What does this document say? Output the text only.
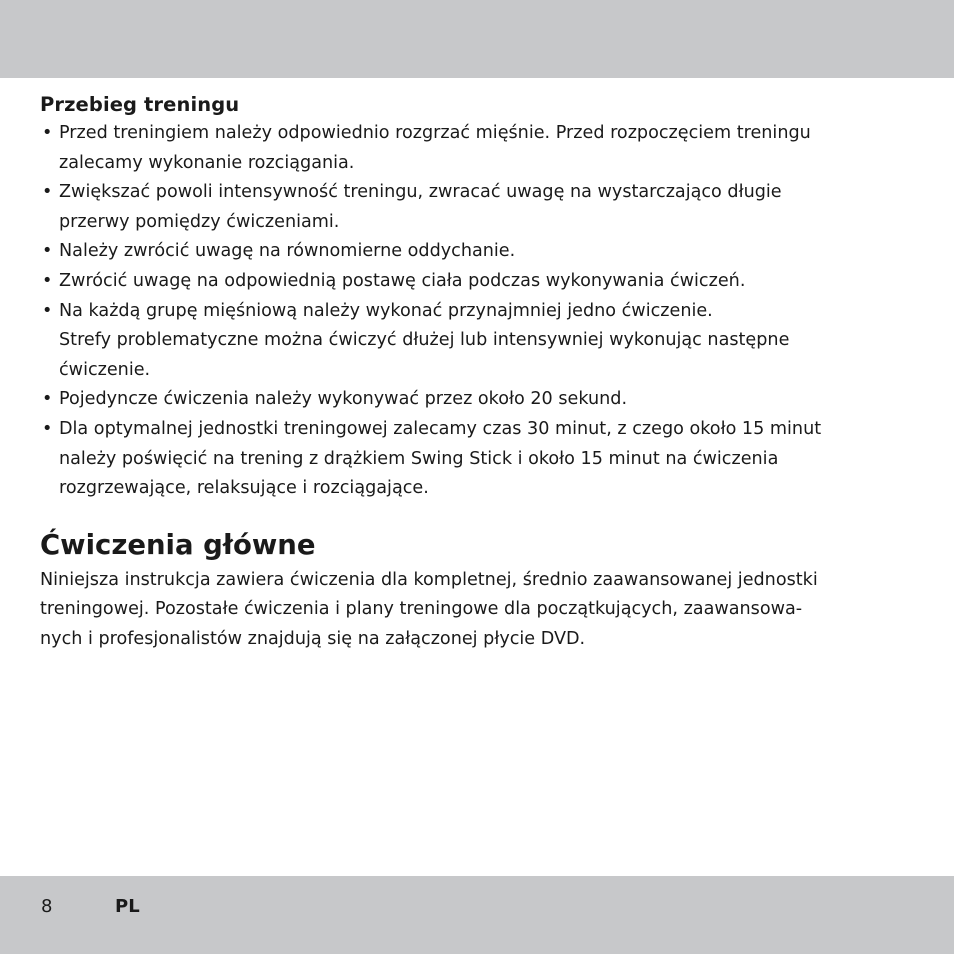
Przebieg treningu
• Przed treningiem należy odpowiednio rozgrzać mięśnie. Przed rozpoczęciem treningu
zalecamy wykonanie rozciągania.
• Zwiększać powoli intensywność treningu, zwracać uwagę na wystarczająco długie
przerwy pomiędzy ćwiczeniami.
• Należy zwrócić uwagę na równomierne oddychanie.
• Zwrócić uwagę na odpowiednią postawę ciała podczas wykonywania ćwiczeń.
• Na każdą grupę mięśniową należy wykonać przynajmniej jedno ćwiczenie.
Strefy problematyczne można ćwiczyć dłużej lub intensywniej wykonując następne
ćwiczenie.
• Pojedyncze ćwiczenia należy wykonywać przez około 20 sekund.
• Dla optymalnej jednostki treningowej zalecamy czas 30 minut, z czego około 15 minut
należy poświęcić na trening z drążkiem Swing Stick i około 15 minut na ćwiczenia
rozgrzewające, relaksujące i rozciągające.
Ćwiczenia główne

Niniejsza instrukcja zawiera ćwiczenia dla kompletnej, średnio zaawansowanej jednostki
treningowej. Pozostałe ćwiczenia i plany treningowe dla początkujących, zaawansowa-
nych i profesjonalistów znajdują się na załączonej płycie DVD.

8	PL
